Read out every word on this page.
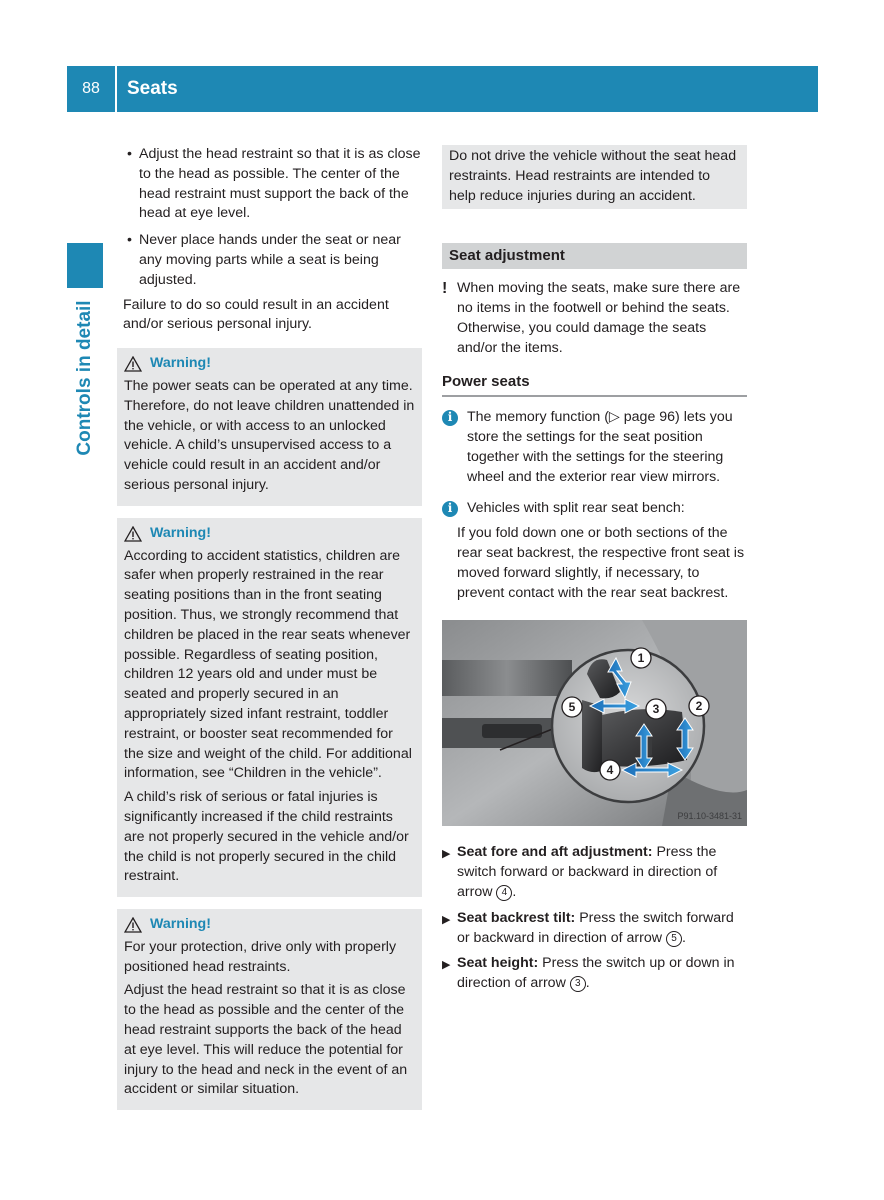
88	Seats
Controls in detail
• Adjust the head restraint so that it is as close to the head as possible. The center of the head restraint must support the back of the head at eye level.
• Never place hands under the seat or near any moving parts while a seat is being adjusted.

Failure to do so could result in an accident and/or serious personal injury.

Warning!

The power seats can be operated at any time. Therefore, do not leave children unattended in the vehicle, or with access to an unlocked vehicle. A child’s unsupervised access to a vehicle could result in an accident and/or serious personal injury.

Warning!

According to accident statistics, children are safer when properly restrained in the rear seating positions than in the front seating position. Thus, we strongly recommend that children be placed in the rear seats whenever possible. Regardless of seating position, children 12 years old and under must be seated and properly secured in an appropriately sized infant restraint, toddler restraint, or booster seat recommended for the size and weight of the child. For additional information, see “Children in the vehicle”.

A child’s risk of serious or fatal injuries is significantly increased if the child restraints are not properly secured in the vehicle and/or the child is not properly secured in the child restraint.

Warning!

For your protection, drive only with properly positioned head restraints.

Adjust the head restraint so that it is as close to the head as possible and the center of the head restraint supports the back of the head at eye level. This will reduce the potential for injury to the head and neck in the event of an accident or similar situation.

Do not drive the vehicle without the seat head restraints. Head restraints are intended to help reduce injuries during an accident.

Seat adjustment
! When moving the seats, make sure there are no items in the footwell or behind the seats. Otherwise, you could damage the seats and/or the items.
Power seats
i	The memory function (▷ page 96) lets you store the settings for the seat position together with the settings for the steering wheel and the exterior rear view mirrors.
i	Vehicles with split rear seat bench:

If you fold down one or both sections of the rear seat backrest, the respective front seat is moved forward slightly, if necessary, to prevent contact with the rear seat backrest.

1
2
3
4
5
P91.10-3481-31
▶ Seat fore and aft adjustment: Press the switch forward or backward in direction of arrow 4 .
▶ Seat backrest tilt: Press the switch forward or backward in direction of arrow 5 .
▶ Seat height: Press the switch up or down in direction of arrow 3 .
